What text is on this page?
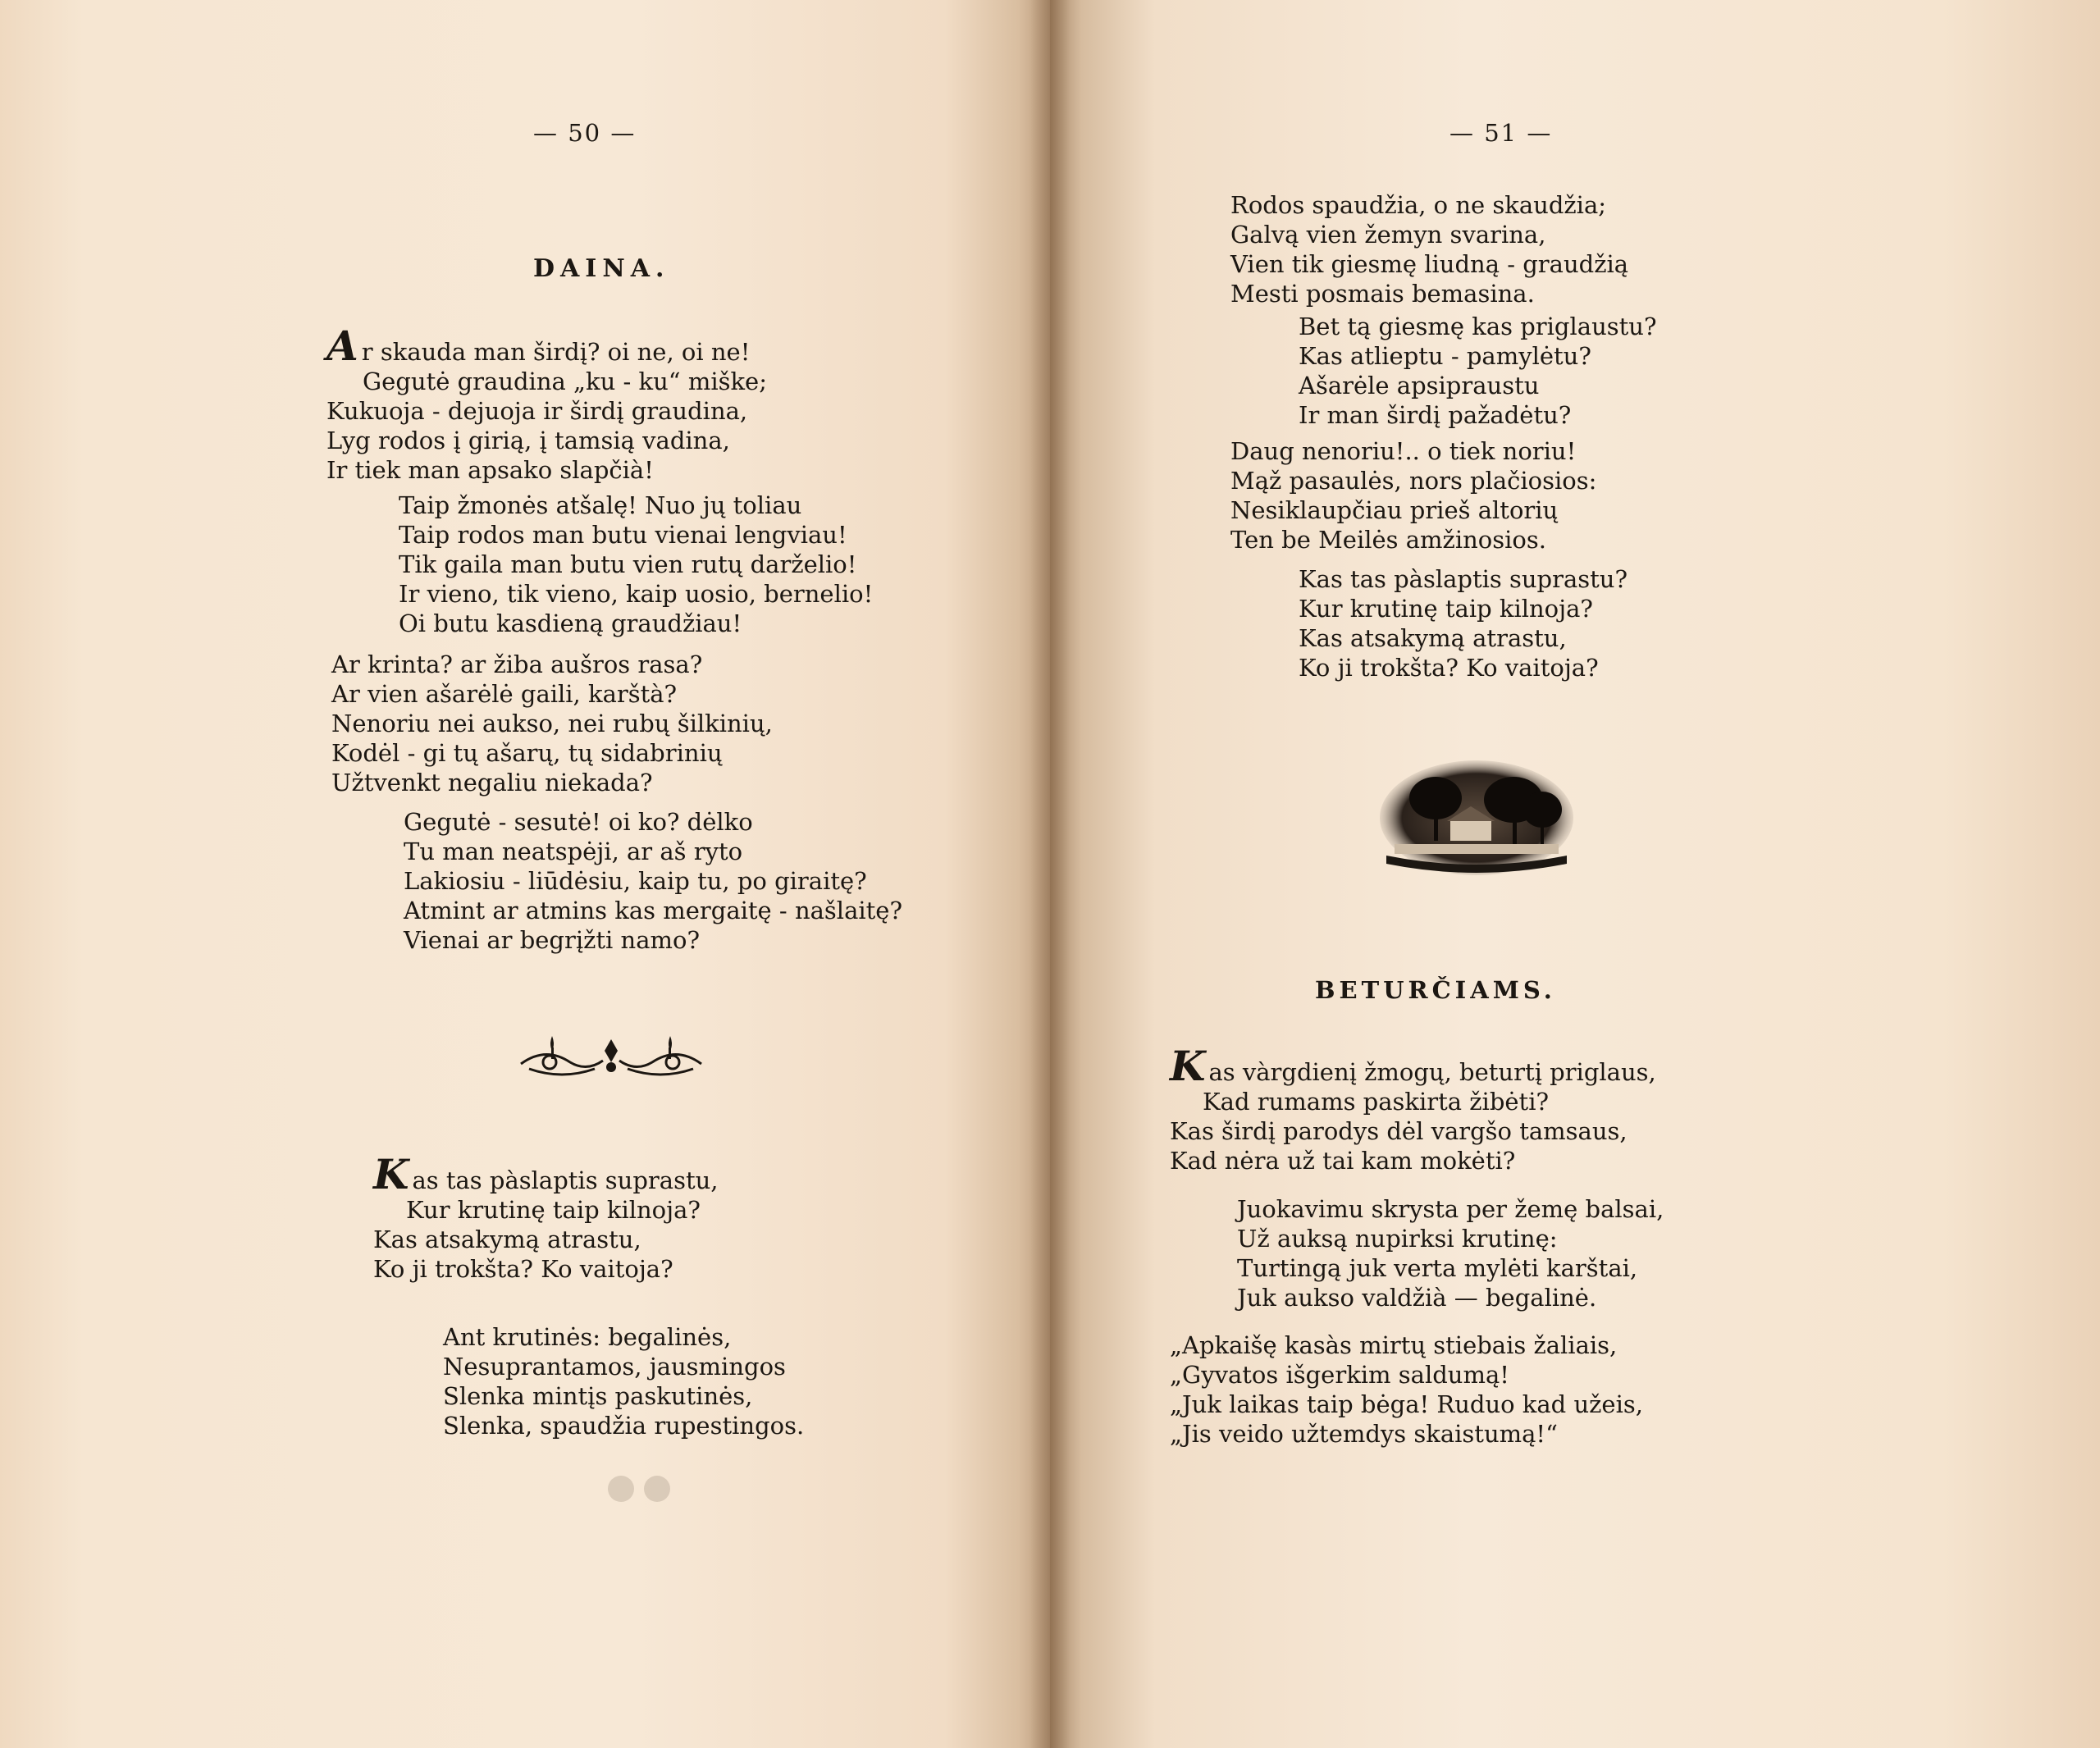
— 50 —
DAINA.
Ar skauda man širdį? oi ne, oi ne!
Gegutė graudina „ku - ku“ miške;
Kukuoja - dejuoja ir širdį graudina,
Lyg rodos į girią, į tamsią vadina,
Ir tiek man apsako slapčià!
Taip žmonės atšalę! Nuo jų toliau
Taip rodos man butu vienai lengviau!
Tik gaila man butu vien rutų darželio!
Ir vieno, tik vieno, kaip uosio, bernelio!
Oi butu kasdieną graudžiau!
Ar krinta? ar žiba aušros rasa?
Ar vien ašarėlė gaili, karštà?
Nenoriu nei aukso, nei rubų šilkinių,
Kodėl - gi tų ašarų, tų sidabrinių
Užtvenkt negaliu niekada?
Gegutė - sesutė! oi ko? dėlko
Tu man neatspėji, ar aš ryto
Lakiosiu - liūdėsiu, kaip tu, po giraitę?
Atmint ar atmins kas mergaitę - našlaitę?
Vienai ar begrįžti namo?
Kas tas pàslaptis suprastu,
Kur krutinę taip kilnoja?
Kas atsakymą atrastu,
Ko ji trokšta? Ko vaitoja?
Ant krutinės: begalinės,
Nesuprantamos, jausmingos
Slenka mintįs paskutinės,
Slenka, spaudžia rupestingos.
— 51 —
Rodos spaudžia, o ne skaudžia;
Galvą vien žemyn svarina,
Vien tik giesmę liudną - graudžią
Mesti posmais bemasina.
Bet tą giesmę kas priglaustu?
Kas atlieptu - pamylėtu?
Ašarėle apsipraustu
Ir man širdį pažadėtu?
Daug nenoriu!.. o tiek noriu!
Mąž pasaulės, nors plačiosios:
Nesiklaupčiau prieš altorių
Ten be Meilės amžinosios.
Kas tas pàslaptis suprastu?
Kur krutinę taip kilnoja?
Kas atsakymą atrastu,
Ko ji trokšta? Ko vaitoja?
BETURČIAMS.
Kas vàrgdienį žmogų, beturtį priglaus,
Kad rumams paskirta žibėti?
Kas širdį parodys dėl vargšo tamsaus,
Kad nėra už tai kam mokėti?
Juokavimu skrysta per žemę balsai,
Už auksą nupirksi krutinę:
Turtingą juk verta mylėti karštai,
Juk aukso valdžià — begalinė.
„Apkaišę kasàs mirtų stiebais žaliais,
„Gyvatos išgerkim saldumą!
„Juk laikas taip bėga! Ruduo kad užeis,
„Jis veido užtemdys skaistumą!“
